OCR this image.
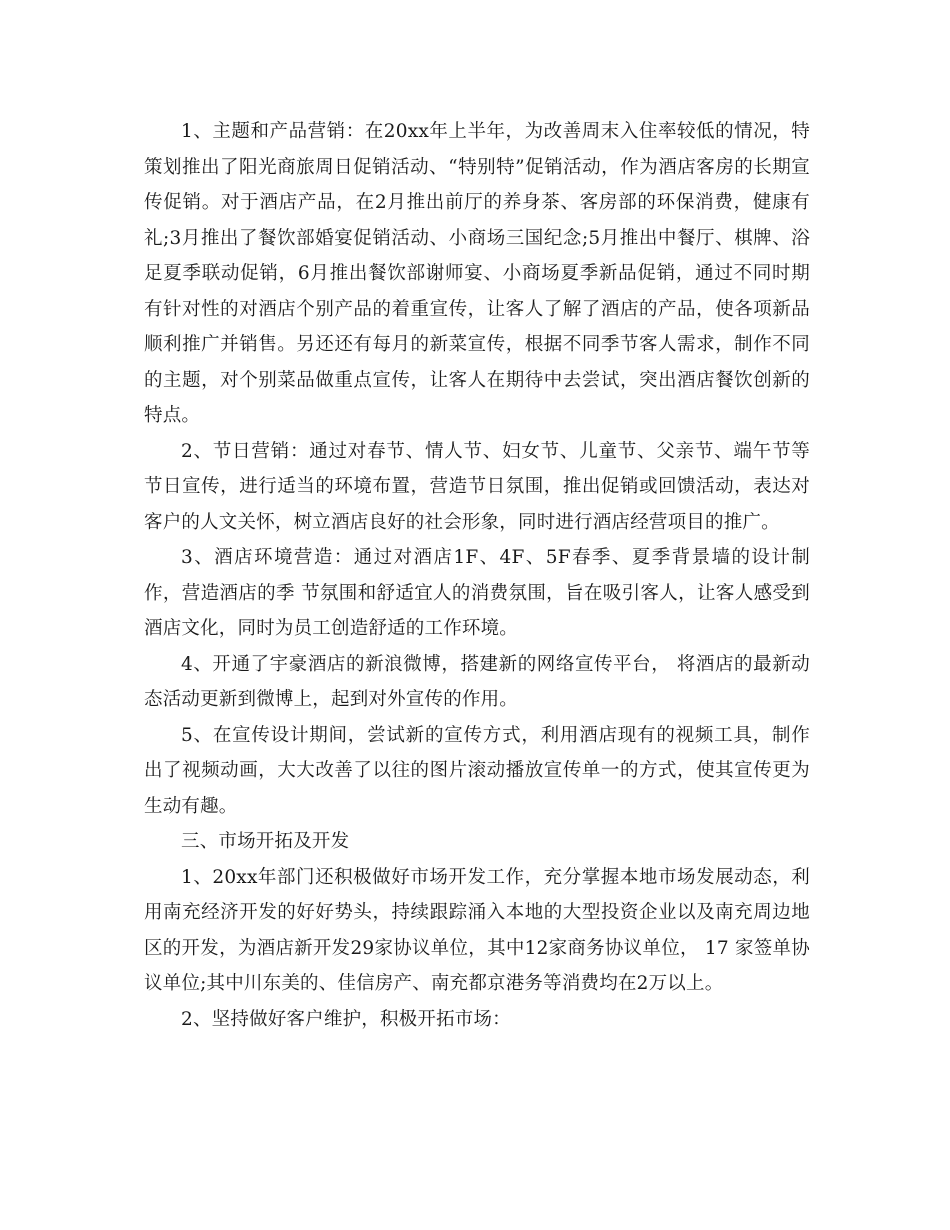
1、主题和产品营销：在20xx年上半年，为改善周末入住率较低的情况，特策划推出了阳光商旅周日促销活动、“特别特”促销活动，作为酒店客房的长期宣传促销。对于酒店产品，在2月推出前厅的养身茶、客房部的环保消费，健康有礼;3月推出了餐饮部婚宴促销活动、小商场三国纪念;5月推出中餐厅、棋牌、浴足夏季联动促销，6月推出餐饮部谢师宴、小商场夏季新品促销，通过不同时期有针对性的对酒店个别产品的着重宣传，让客人了解了酒店的产品，使各项新品顺利推广并销售。另还还有每月的新菜宣传，根据不同季节客人需求，制作不同的主题，对个别菜品做重点宣传，让客人在期待中去尝试，突出酒店餐饮创新的特点。

2、节日营销：通过对春节、情人节、妇女节、儿童节、父亲节、端午节等节日宣传，进行适当的环境布置，营造节日氛围，推出促销或回馈活动，表达对客户的人文关怀，树立酒店良好的社会形象，同时进行酒店经营项目的推广。

3、酒店环境营造：通过对酒店1F、4F、5F春季、夏季背景墙的设计制作，营造酒店的季 节氛围和舒适宜人的消费氛围，旨在吸引客人，让客人感受到酒店文化，同时为员工创造舒适的工作环境。

4、开通了宇豪酒店的新浪微博，搭建新的网络宣传平台， 将酒店的最新动态活动更新到微博上，起到对外宣传的作用。

5、在宣传设计期间，尝试新的宣传方式，利用酒店现有的视频工具，制作出了视频动画，大大改善了以往的图片滚动播放宣传单一的方式，使其宣传更为生动有趣。

三、市场开拓及开发

1、20xx年部门还积极做好市场开发工作，充分掌握本地市场发展动态，利用南充经济开发的好好势头，持续跟踪涌入本地的大型投资企业以及南充周边地区的开发，为酒店新开发29家协议单位，其中12家商务协议单位， 17 家签单协议单位;其中川东美的、佳信房产、南充都京港务等消费均在2万以上。

2、坚持做好客户维护，积极开拓市场：
